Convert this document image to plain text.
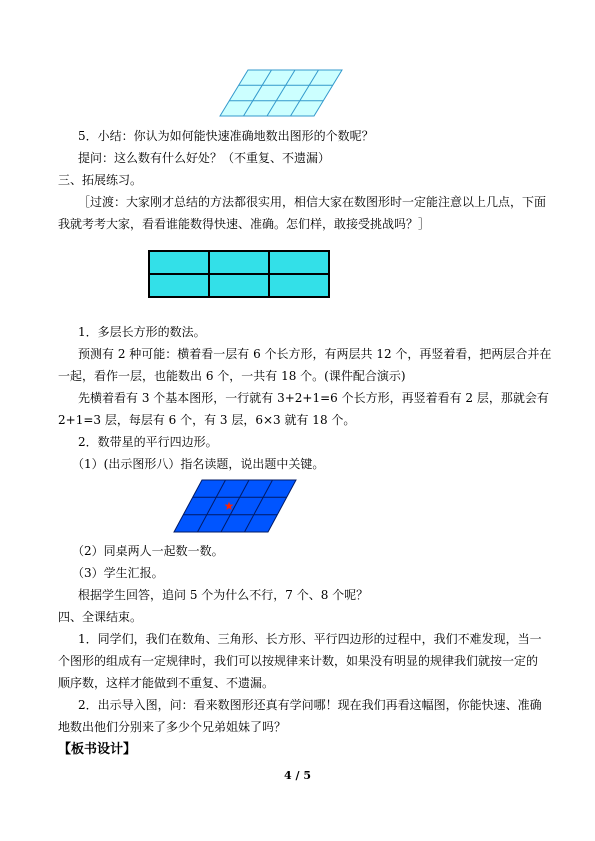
★
5．小结：你认为如何能快速准确地数出图形的个数呢？
提问：这么数有什么好处？（不重复、不遗漏）
三、拓展练习。
［过渡：大家刚才总结的方法都很实用，相信大家在数图形时一定能注意以上几点，下面
我就考考大家，看看谁能数得快速、准确。怎们样，敢接受挑战吗？］
1．多层长方形的数法。
预测有 2 种可能：横着看一层有 6 个长方形，有两层共 12 个，再竖着看，把两层合并在
一起，看作一层，也能数出 6 个，一共有 18 个。(课件配合演示)
先横着看有 3 个基本图形，一行就有 3+2+1=6 个长方形，再竖着看有 2 层，那就会有
2+1=3 层，每层有 6 个，有 3 层，6×3 就有 18 个。
2．数带星的平行四边形。
（1）(出示图形八）指名读题，说出题中关键。
（2）同桌两人一起数一数。
（3）学生汇报。
根据学生回答，追问 5 个为什么不行，7 个、8 个呢？
四、全课结束。
1．同学们，我们在数角、三角形、长方形、平行四边形的过程中，我们不难发现，当一
个图形的组成有一定规律时，我们可以按规律来计数，如果没有明显的规律我们就按一定的
顺序数，这样才能做到不重复、不遗漏。
2．出示导入图，问：看来数图形还真有学问哪！现在我们再看这幅图，你能快速、准确
地数出他们分别来了多少个兄弟姐妹了吗？
【板书设计】
4 / 5
